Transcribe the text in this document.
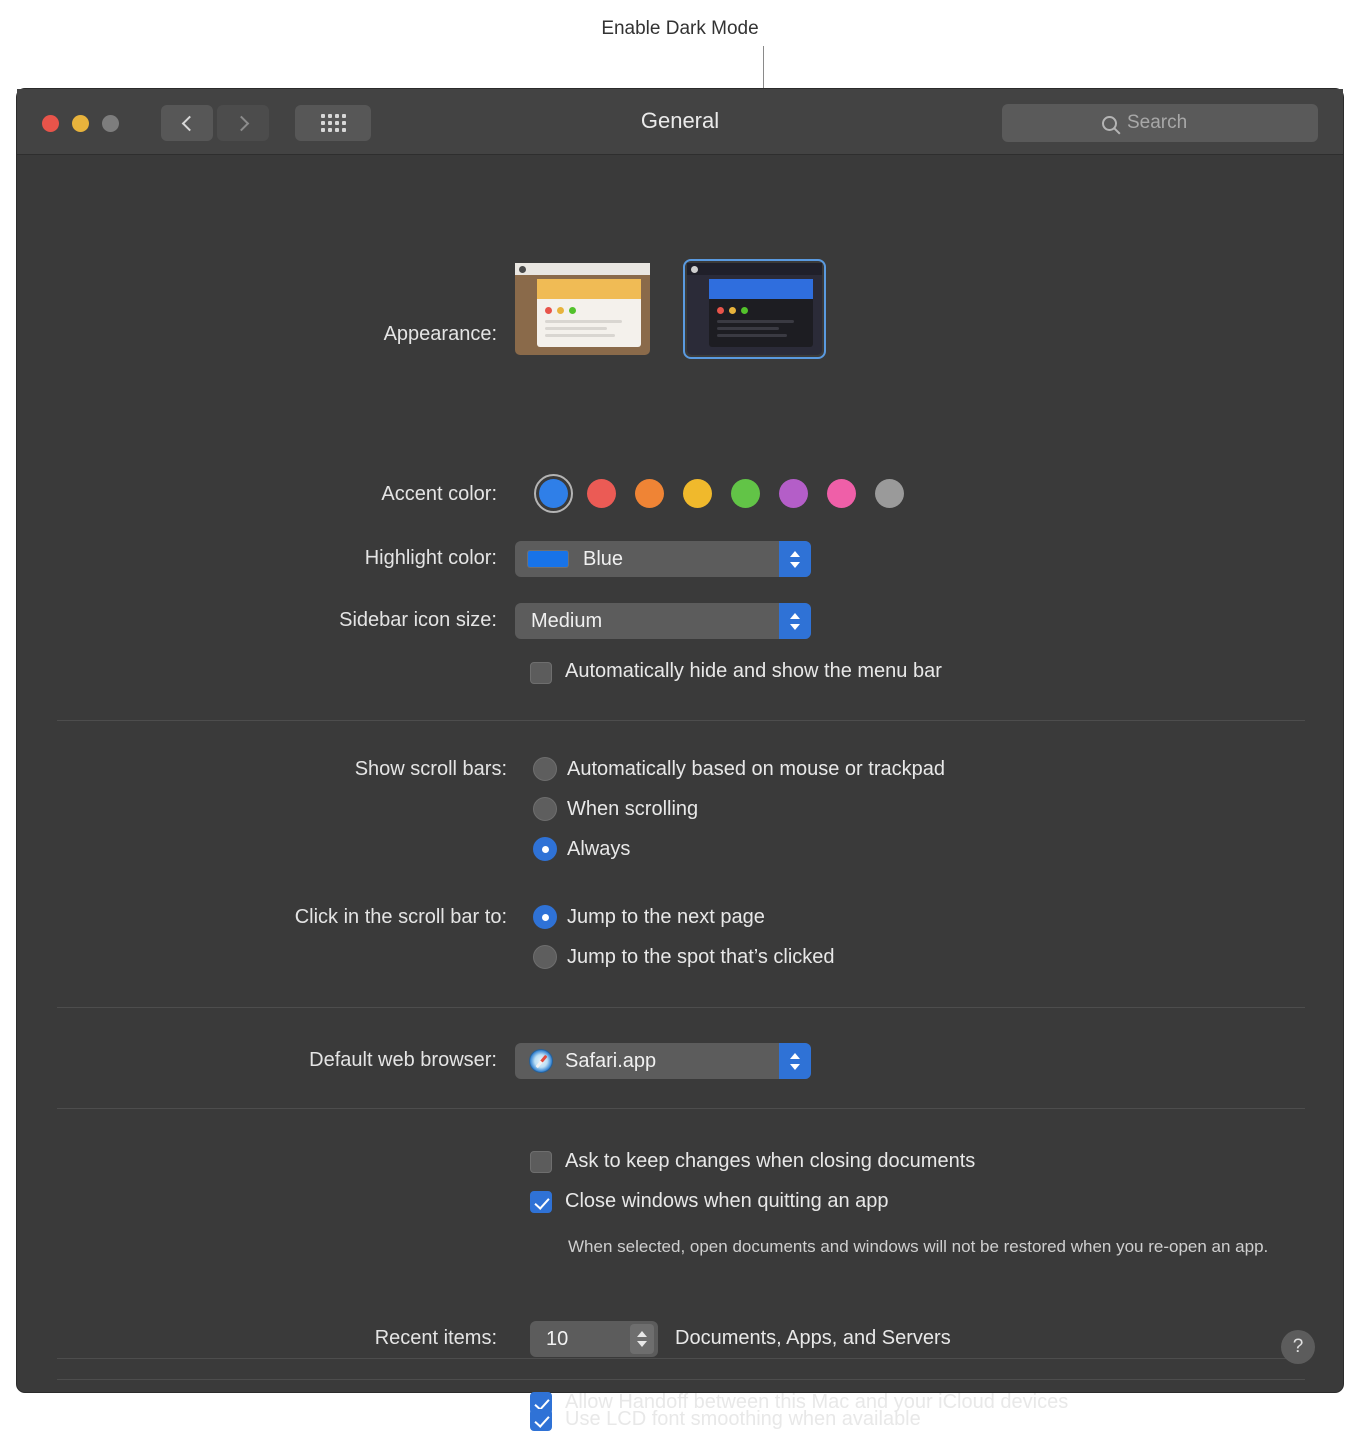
Enable Dark Mode
General	Search
Appearance:
Accent color:
Highlight color:	Blue
Sidebar icon size: Medium
Automatically hide and show the menu bar
Show scroll bars:	Automatically based on mouse or trackpad
When scrolling
Always
Click in the scroll bar to:	Jump to the next page
Jump to the spot that’s clicked
Default web browser:	Safari.app
Ask to keep changes when closing documents
Close windows when quitting an app
When selected, open documents and windows will not be restored when you re-open an app.
Recent items: 10	Documents, Apps, and Servers
Allow Handoff between this Mac and your iCloud devices
Use LCD font smoothing when available
?
